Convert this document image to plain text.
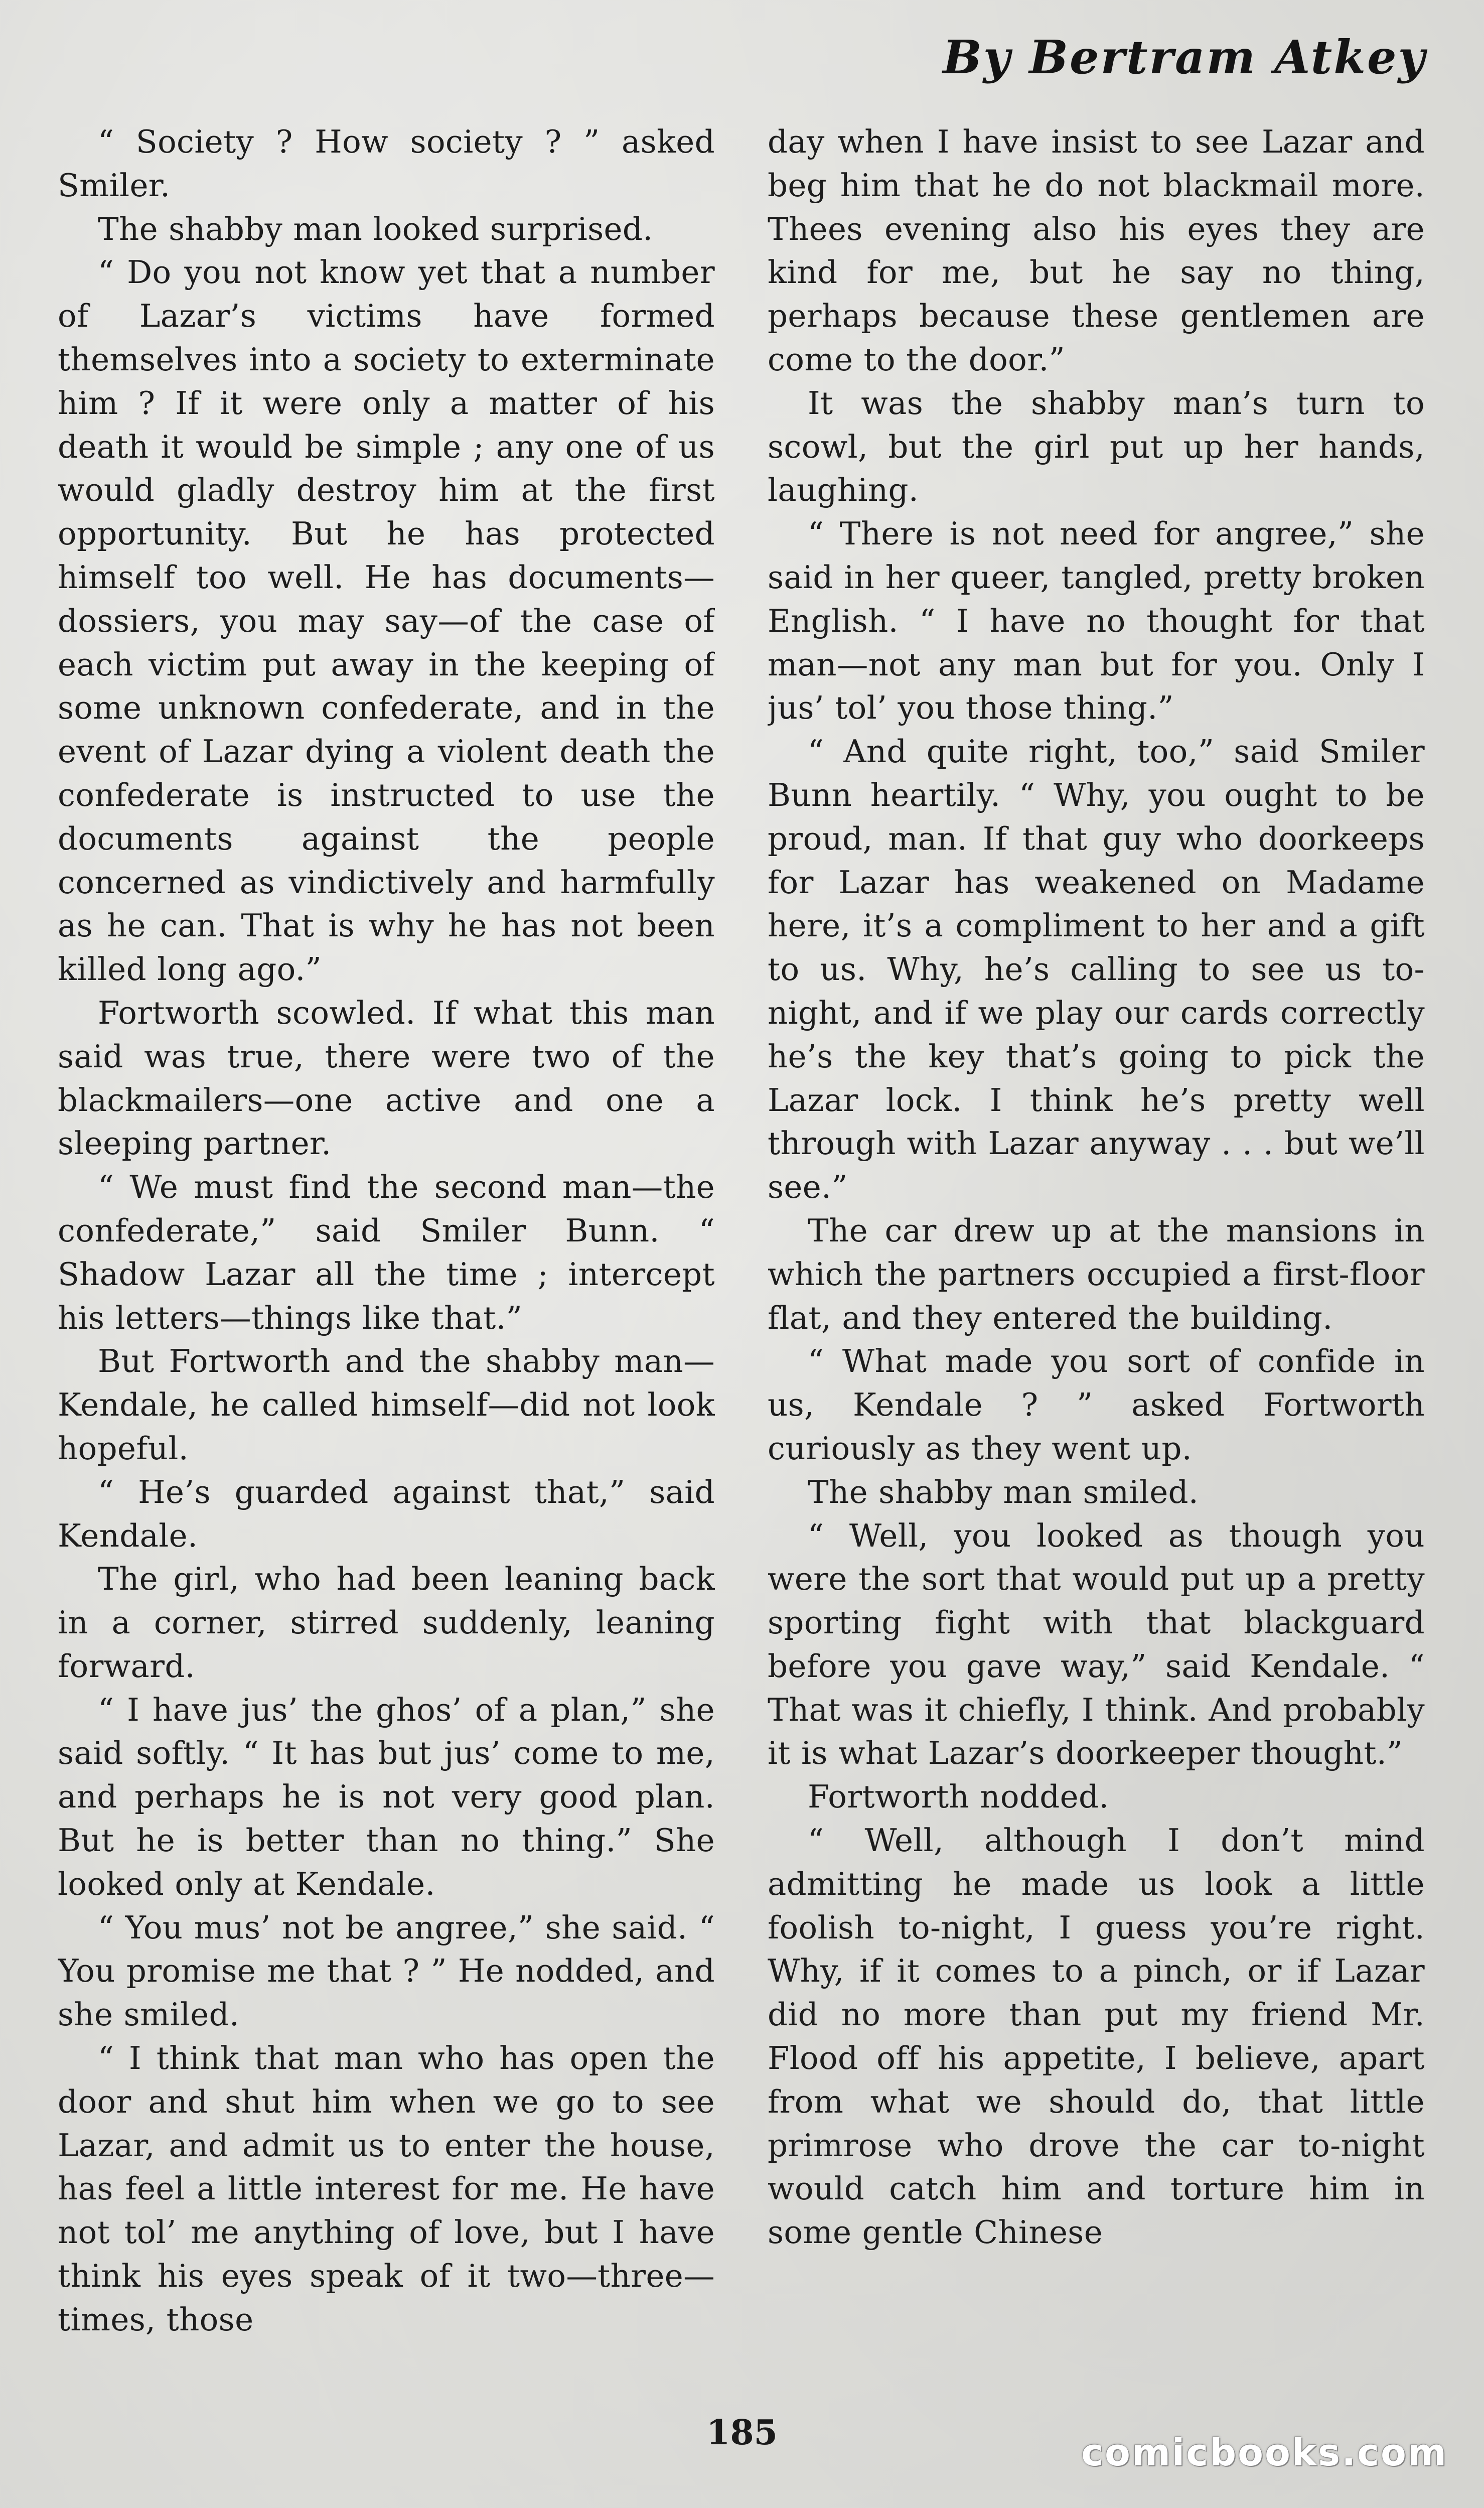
By Bertram Atkey

“ Society ? How society ? ” asked Smiler.

The shabby man looked surprised.

“ Do you not know yet that a number of Lazar’s victims have formed themselves into a society to exterminate him ? If it were only a matter of his death it would be simple ; any one of us would gladly destroy him at the first opportunity. But he has protected himself too well. He has documents—dossiers, you may say—of the case of each victim put away in the keeping of some unknown confederate, and in the event of Lazar dying a violent death the confederate is instructed to use the documents against the people concerned as vindictively and harmfully as he can. That is why he has not been killed long ago.”

Fortworth scowled. If what this man said was true, there were two of the blackmailers—one active and one a sleeping partner.

“ We must find the second man—the confederate,” said Smiler Bunn. “ Shadow Lazar all the time ; intercept his letters—things like that.”

But Fortworth and the shabby man—Kendale, he called himself—did not look hopeful.

“ He’s guarded against that,” said Kendale.

The girl, who had been leaning back in a corner, stirred suddenly, leaning forward.

“ I have jus’ the ghos’ of a plan,” she said softly. “ It has but jus’ come to me, and perhaps he is not very good plan. But he is better than no thing.” She looked only at Kendale.

“ You mus’ not be angree,” she said. “ You promise me that ? ” He nodded, and she smiled.

“ I think that man who has open the door and shut him when we go to see Lazar, and admit us to enter the house, has feel a little interest for me. He have not tol’ me anything of love, but I have think his eyes speak of it two—three—times, those

day when I have insist to see Lazar and beg him that he do not blackmail more. Thees evening also his eyes they are kind for me, but he say no thing, perhaps because these gentlemen are come to the door.”

It was the shabby man’s turn to scowl, but the girl put up her hands, laughing.

“ There is not need for angree,” she said in her queer, tangled, pretty broken English. “ I have no thought for that man—not any man but for you. Only I jus’ tol’ you those thing.”

“ And quite right, too,” said Smiler Bunn heartily. “ Why, you ought to be proud, man. If that guy who doorkeeps for Lazar has weakened on Madame here, it’s a compliment to her and a gift to us. Why, he’s calling to see us to-night, and if we play our cards correctly he’s the key that’s going to pick the Lazar lock. I think he’s pretty well through with Lazar anyway . . . but we’ll see.”

The car drew up at the mansions in which the partners occupied a first-floor flat, and they entered the building.

“ What made you sort of confide in us, Kendale ? ” asked Fortworth curiously as they went up.

The shabby man smiled.

“ Well, you looked as though you were the sort that would put up a pretty sporting fight with that blackguard before you gave way,” said Kendale. “ That was it chiefly, I think. And probably it is what Lazar’s doorkeeper thought.”

Fortworth nodded.

“ Well, although I don’t mind admitting he made us look a little foolish to-night, I guess you’re right. Why, if it comes to a pinch, or if Lazar did no more than put my friend Mr. Flood off his appetite, I believe, apart from what we should do, that little primrose who drove the car to-night would catch him and torture him in some gentle Chinese

185	comicbooks.com
